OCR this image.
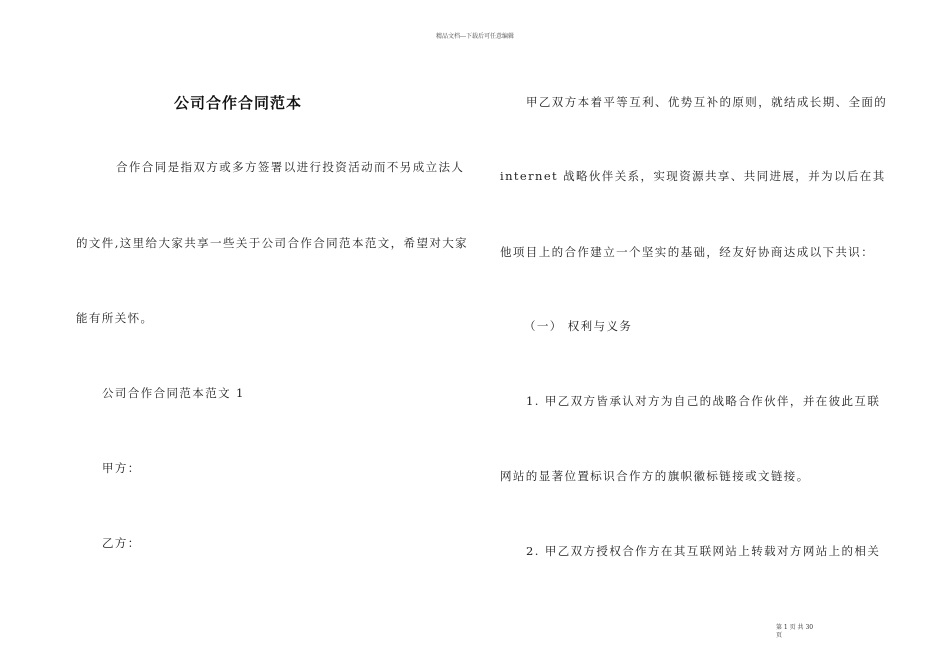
精品文档---下载后可任意编辑
公司合作合同范本
合作合同是指双方或多方签署以进行投资活动而不另成立法人
的文件,这里给大家共享一些关于公司合作合同范本范文，希望对大家
能有所关怀。
公司合作合同范本范文 1
甲方：
乙方：
甲乙双方本着平等互利、优势互补的原则，就结成长期、全面的
internet 战略伙伴关系，实现资源共享、共同进展，并为以后在其
他项目上的合作建立一个坚实的基础，经友好协商达成以下共识：
（一） 权利与义务
1. 甲乙双方皆承认对方为自己的战略合作伙伴，并在彼此互联
网站的显著位置标识合作方的旗帜徽标链接或文链接。
2. 甲乙双方授权合作方在其互联网站上转载对方网站上的相关
第 1 页 共 30
页
